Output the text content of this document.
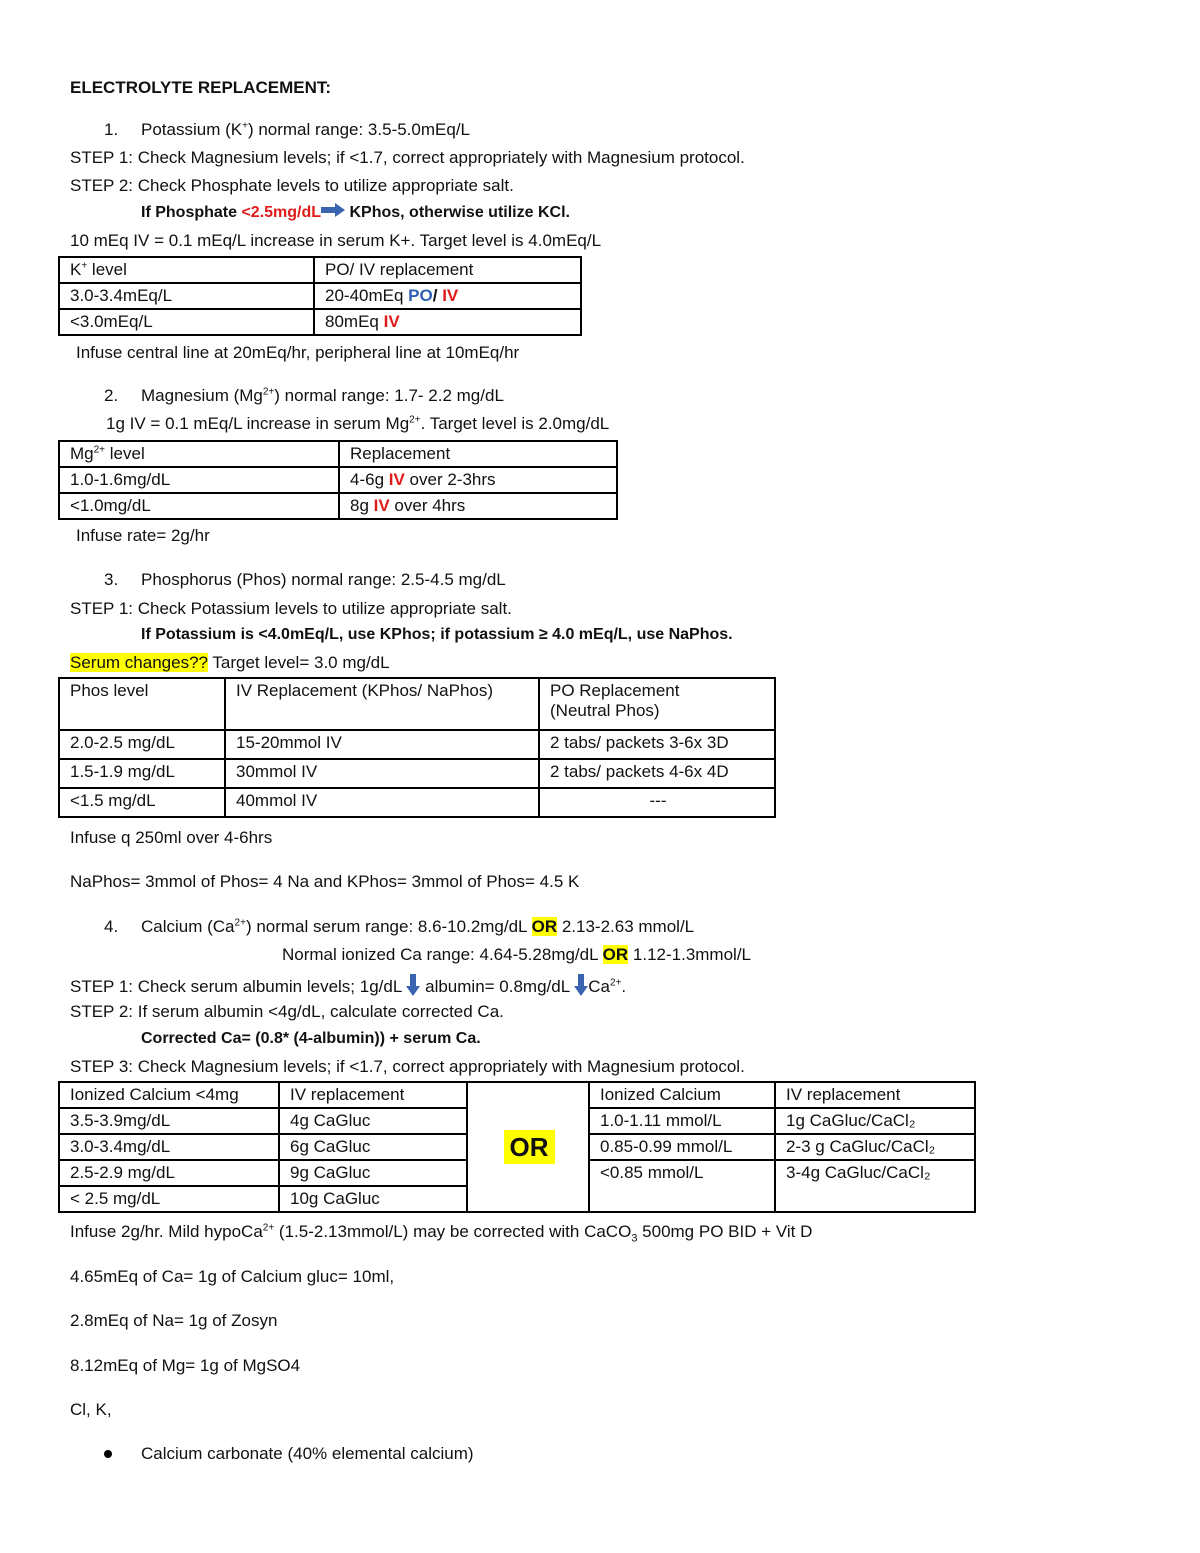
ELECTROLYTE REPLACEMENT:
1. Potassium (K+) normal range: 3.5-5.0mEq/L
STEP 1: Check Magnesium levels; if <1.7, correct appropriately with Magnesium protocol.
STEP 2: Check Phosphate levels to utilize appropriate salt.
If Phosphate <2.5mg/dL KPhos, otherwise utilize KCl.
10 mEq IV = 0.1 mEq/L increase in serum K+. Target level is 4.0mEq/L
K+ level	PO/ IV replacement
3.0-3.4mEq/L	20-40mEq PO/ IV
<3.0mEq/L	80mEq IV
Infuse central line at 20mEq/hr, peripheral line at 10mEq/hr
2. Magnesium $(Mg^{2+})$ normal range: 1.7- 2.2 mg/dL
1g IV = 0.1 mEq/L increase in serum $Mg^{2+}$. Target level is 2.0mg/dL
$Mg^{2+}$ level	Replacement
1.0-1.6mg/dL	4-6g IV over 2-3hrs
<1.0mg/dL	8g IV over 4hrs
Infuse rate= 2g/hr
3. Phosphorus (Phos) normal range: 2.5-4.5 mg/dL
STEP 1: Check Potassium levels to utilize appropriate salt.
If Potassium is <4.0mEq/L, use KPhos; if potassium ≥ 4.0 mEq/L, use NaPhos.
Serum changes?? Target level= 3.0 mg/dL
Phos level	IV Replacement (KPhos/ NaPhos)	PO Replacement
(Neutral Phos)
2.0-2.5 mg/dL	15-20mmol IV	2 tabs/ packets 3-6x 3D
1.5-1.9 mg/dL	30mmol IV	2 tabs/ packets 4-6x 4D
<1.5 mg/dL	40mmol IV	---
Infuse q 250ml over 4-6hrs
NaPhos= 3mmol of Phos= 4 Na and KPhos= 3mmol of Phos= 4.5 K
4. Calcium $(Ca^{2+})$ normal serum range: 8.6-10.2mg/dL OR 2.13-2.63 mmol/L
Normal ionized Ca range: 4.64-5.28mg/dL OR 1.12-1.3mmol/L
STEP 1: Check serum albumin levels; 1g/dL  albumin= 0.8mg/dL $Ca^{2+}$.
STEP 2: If serum albumin <4g/dL, calculate corrected Ca.
Corrected Ca= (0.8* (4-albumin)) + serum Ca.
STEP 3: Check Magnesium levels; if <1.7, correct appropriately with Magnesium protocol.
Ionized Calcium <4mg	IV replacement	OR	Ionized Calcium	IV replacement
3.5-3.9mg/dL	4g CaGluc		1.0-1.11 mmol/L	1g CaGluc/CaCl₂
3.0-3.4mg/dL	6g CaGluc		0.85-0.99 mmol/L	2-3 g CaGluc/CaCl₂
2.5-2.9 mg/dL	9g CaGluc		<0.85 mmol/L	3-4g CaGluc/CaCl₂
< 2.5 mg/dL	10g CaGluc			
Infuse 2g/hr. Mild hypoCa$^{2+}$ (1.5-2.13mmol/L) may be corrected with CaCO$_3$ 500mg PO BID + Vit D
4.65mEq of Ca= 1g of Calcium gluc= 10ml,
2.8mEq of Na= 1g of Zosyn
8.12mEq of Mg= 1g of MgSO4
Cl, K,
Calcium carbonate (40% elemental calcium)
